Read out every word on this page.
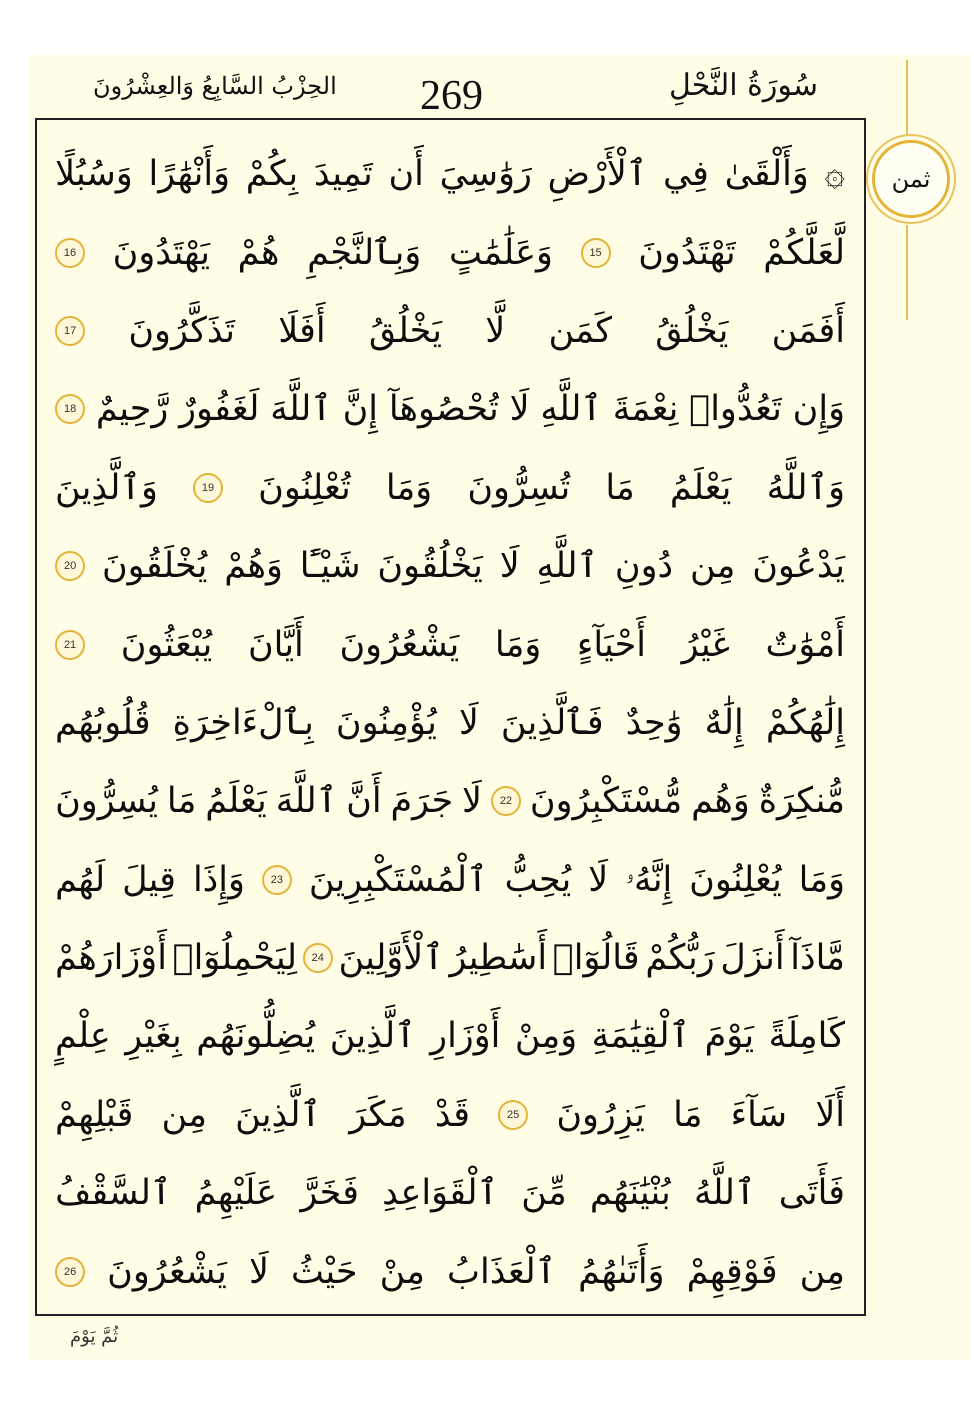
سُورَةُ النَّحْلِ
269
الحِزْبُ السَّابِعُ وَالعِشْرُونَ
ثمن
۞
وَأَلْقَىٰ
فِي
ٱلْأَرْضِ
رَوَٰسِيَ
أَن
تَمِيدَ
بِكُمْ
وَأَنْهَٰرًا
وَسُبُلًا
لَّعَلَّكُمْ
تَهْتَدُونَ
15
وَعَلَٰمَٰتٍ
وَبِٱلنَّجْمِ
هُمْ
يَهْتَدُونَ
16
أَفَمَن
يَخْلُقُ
كَمَن
لَّا
يَخْلُقُ
أَفَلَا
تَذَكَّرُونَ
17
وَإِن
تَعُدُّوا۟
نِعْمَةَ
ٱللَّهِ
لَا
تُحْصُوهَآ
إِنَّ
ٱللَّهَ
لَغَفُورٌ
رَّحِيمٌ
18
وَٱللَّهُ
يَعْلَمُ
مَا
تُسِرُّونَ
وَمَا
تُعْلِنُونَ
19
وَٱلَّذِينَ
يَدْعُونَ
مِن
دُونِ
ٱللَّهِ
لَا
يَخْلُقُونَ
شَيْـًٔا
وَهُمْ
يُخْلَقُونَ
20
أَمْوَٰتٌ
غَيْرُ
أَحْيَآءٍ
وَمَا
يَشْعُرُونَ
أَيَّانَ
يُبْعَثُونَ
21
إِلَٰهُكُمْ
إِلَٰهٌ
وَٰحِدٌ
فَٱلَّذِينَ
لَا
يُؤْمِنُونَ
بِٱلْءَاخِرَةِ
قُلُوبُهُم
مُّنكِرَةٌ
وَهُم
مُّسْتَكْبِرُونَ
22
لَا
جَرَمَ
أَنَّ
ٱللَّهَ
يَعْلَمُ
مَا
يُسِرُّونَ
وَمَا
يُعْلِنُونَ
إِنَّهُۥ
لَا
يُحِبُّ
ٱلْمُسْتَكْبِرِينَ
23
وَإِذَا
قِيلَ
لَهُم
مَّاذَآ
أَنزَلَ
رَبُّكُمْ
قَالُوٓا۟
أَسَٰطِيرُ
ٱلْأَوَّلِينَ
24
لِيَحْمِلُوٓا۟
أَوْزَارَهُمْ
كَامِلَةً
يَوْمَ
ٱلْقِيَٰمَةِ
وَمِنْ
أَوْزَارِ
ٱلَّذِينَ
يُضِلُّونَهُم
بِغَيْرِ
عِلْمٍ
أَلَا
سَآءَ
مَا
يَزِرُونَ
25
قَدْ
مَكَرَ
ٱلَّذِينَ
مِن
قَبْلِهِمْ
فَأَتَى
ٱللَّهُ
بُنْيَٰنَهُم
مِّنَ
ٱلْقَوَاعِدِ
فَخَرَّ
عَلَيْهِمُ
ٱلسَّقْفُ
مِن
فَوْقِهِمْ
وَأَتَىٰهُمُ
ٱلْعَذَابُ
مِنْ
حَيْثُ
لَا
يَشْعُرُونَ
26
ثُمَّ يَوْمَ
